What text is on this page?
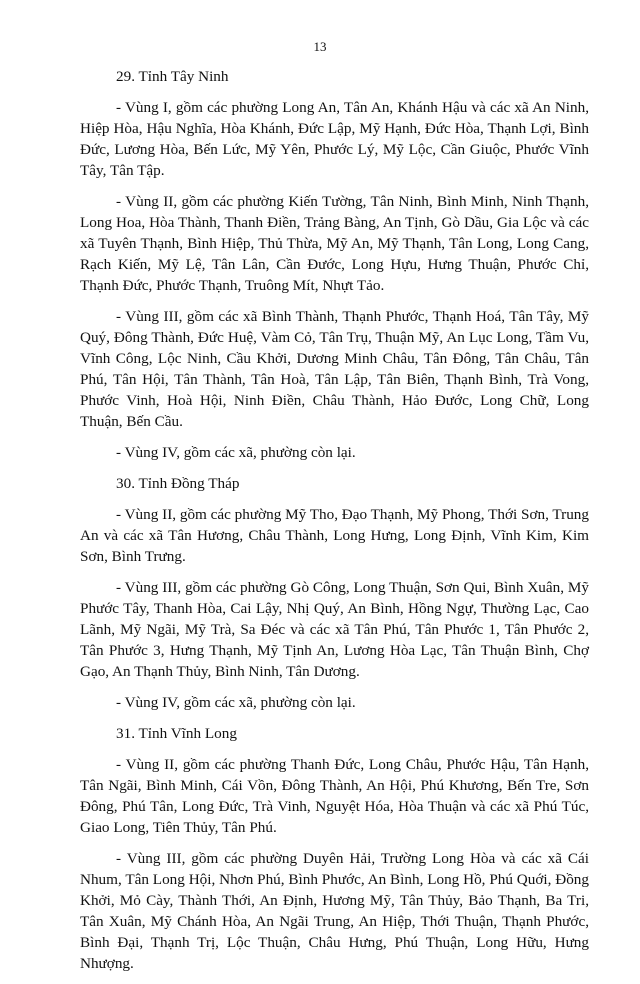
13

29. Tỉnh Tây Ninh

- Vùng I, gồm các phường Long An, Tân An, Khánh Hậu và các xã An Ninh, Hiệp Hòa, Hậu Nghĩa, Hòa Khánh, Đức Lập, Mỹ Hạnh, Đức Hòa, Thạnh Lợi, Bình Đức, Lương Hòa, Bến Lức, Mỹ Yên, Phước Lý, Mỹ Lộc, Cần Giuộc, Phước Vĩnh Tây, Tân Tập.

- Vùng II, gồm các phường Kiến Tường, Tân Ninh, Bình Minh, Ninh Thạnh, Long Hoa, Hòa Thành, Thanh Điền, Trảng Bàng, An Tịnh, Gò Dầu, Gia Lộc và các xã Tuyên Thạnh, Bình Hiệp, Thủ Thừa, Mỹ An, Mỹ Thạnh, Tân Long, Long Cang, Rạch Kiến, Mỹ Lệ, Tân Lân, Cần Đước, Long Hựu, Hưng Thuận, Phước Chỉ, Thạnh Đức, Phước Thạnh, Truông Mít, Nhựt Tảo.

- Vùng III, gồm các xã Bình Thành, Thạnh Phước, Thạnh Hoá, Tân Tây, Mỹ Quý, Đông Thành, Đức Huệ, Vàm Cỏ, Tân Trụ, Thuận Mỹ, An Lục Long, Tầm Vu, Vĩnh Công, Lộc Ninh, Cầu Khởi, Dương Minh Châu, Tân Đông, Tân Châu, Tân Phú, Tân Hội, Tân Thành, Tân Hoà, Tân Lập, Tân Biên, Thạnh Bình, Trà Vong, Phước Vinh, Hoà Hội, Ninh Điền, Châu Thành, Hảo Đước, Long Chữ, Long Thuận, Bến Cầu.

- Vùng IV, gồm các xã, phường còn lại.

30. Tỉnh Đồng Tháp

- Vùng II, gồm các phường Mỹ Tho, Đạo Thạnh, Mỹ Phong, Thới Sơn, Trung An và các xã Tân Hương, Châu Thành, Long Hưng, Long Định, Vĩnh Kim, Kim Sơn, Bình Trưng.

- Vùng III, gồm các phường Gò Công, Long Thuận, Sơn Qui, Bình Xuân, Mỹ Phước Tây, Thanh Hòa, Cai Lậy, Nhị Quý, An Bình, Hồng Ngự, Thường Lạc, Cao Lãnh, Mỹ Ngãi, Mỹ Trà, Sa Đéc và các xã Tân Phú, Tân Phước 1, Tân Phước 2, Tân Phước 3, Hưng Thạnh, Mỹ Tịnh An, Lương Hòa Lạc, Tân Thuận Bình, Chợ Gạo, An Thạnh Thủy, Bình Ninh, Tân Dương.

- Vùng IV, gồm các xã, phường còn lại.

31. Tỉnh Vĩnh Long

- Vùng II, gồm các phường Thanh Đức, Long Châu, Phước Hậu, Tân Hạnh, Tân Ngãi, Bình Minh, Cái Vồn, Đông Thành, An Hội, Phú Khương, Bến Tre, Sơn Đông, Phú Tân, Long Đức, Trà Vinh, Nguyệt Hóa, Hòa Thuận và các xã Phú Túc, Giao Long, Tiên Thủy, Tân Phú.

- Vùng III, gồm các phường Duyên Hải, Trường Long Hòa và các xã Cái Nhum, Tân Long Hội, Nhơn Phú, Bình Phước, An Bình, Long Hồ, Phú Quới, Đồng Khởi, Mỏ Cày, Thành Thới, An Định, Hương Mỹ, Tân Thủy, Bảo Thạnh, Ba Tri, Tân Xuân, Mỹ Chánh Hòa, An Ngãi Trung, An Hiệp, Thới Thuận, Thạnh Phước, Bình Đại, Thạnh Trị, Lộc Thuận, Châu Hưng, Phú Thuận, Long Hữu, Hưng Nhượng.
